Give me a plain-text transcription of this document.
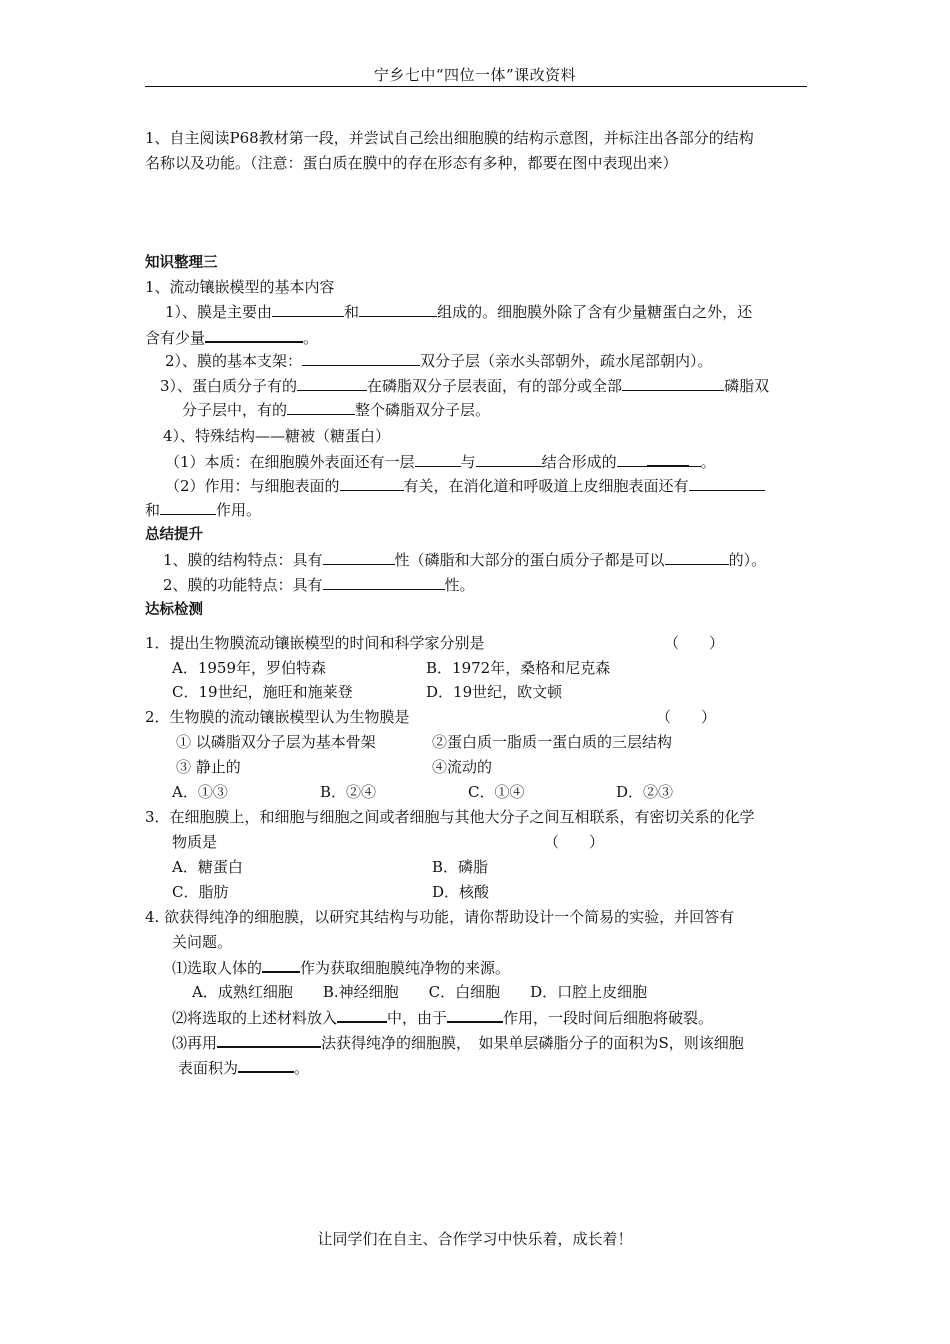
宁乡七中“四位一体”课改资料
1、自主阅读P68教材第一段，并尝试自己绘出细胞膜的结构示意图，并标注出各部分的结构
名称以及功能。（注意：蛋白质在膜中的存在形态有多种，都要在图中表现出来）
知识整理三
1、流动镶嵌模型的基本内容
1）、膜是主要由	和	组成的。细胞膜外除了含有少量糖蛋白之外，还
含有少量	。
2）、膜的基本支架：	双分子层（亲水头部朝外，疏水尾部朝内）。
3）、蛋白质分子有的	在磷脂双分子层表面，有的部分或全部	磷脂双
分子层中，有的	整个磷脂双分子层。
4）、特殊结构——糖被（糖蛋白）
（1）本质：在细胞膜外表面还有一层	与	结合形成的	。
（2）作用：与细胞表面的	有关，在消化道和呼吸道上皮细胞表面还有
和	作用。
总结提升
1、膜的结构特点：具有	性（磷脂和大部分的蛋白质分子都是可以	的）。
2、膜的功能特点：具有	性。
达标检测
1．提出生物膜流动镶嵌模型的时间和科学家分别是	（　　）
A．1959年，罗伯特森	B．1972年，桑格和尼克森
C．19世纪，施旺和施莱登	D．19世纪，欧文顿
2．生物膜的流动镶嵌模型认为生物膜是	（　　）
① 以磷脂双分子层为基本骨架	②蛋白质一脂质一蛋白质的三层结构
③ 静止的	④流动的
A．①③	B．②④	C．①④	D．②③
3．在细胞膜上，和细胞与细胞之间或者细胞与其他大分子之间互相联系，有密切关系的化学
物质是	（　　）
A．糖蛋白	B．磷脂
C．脂肪	D．核酸
4. 欲获得纯净的细胞膜，以研究其结构与功能，请你帮助设计一个简易的实验，并回答有
关问题。
⑴选取人体的	作为获取细胞膜纯净物的来源。
A．成熟红细胞　　B.神经细胞　　C．白细胞　　D．口腔上皮细胞
⑵将选取的上述材料放入	中，由于	作用，一段时间后细胞将破裂。
⑶再用	法获得纯净的细胞膜，　如果单层磷脂分子的面积为S，则该细胞
表面积为	。
让同学们在自主、合作学习中快乐着，成长着！
